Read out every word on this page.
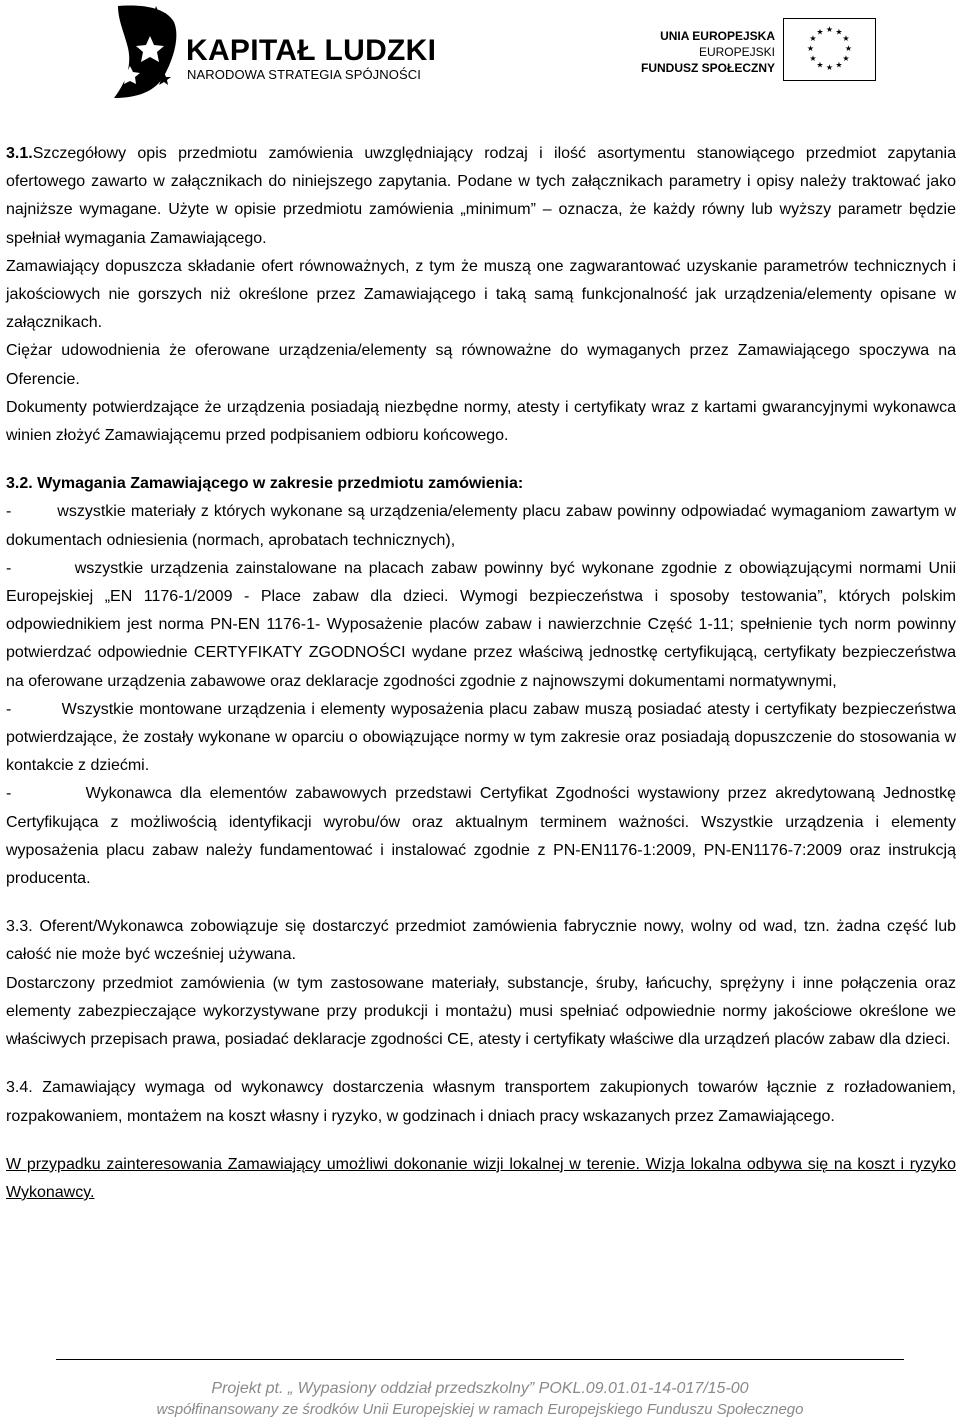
KAPITAŁ LUDZKI
NARODOWA STRATEGIA SPÓJNOŚCI
UNIA EUROPEJSKA
EUROPEJSKI
FUNDUSZ SPOŁECZNY
★ ★
★
★
★
★
★
★
★
★
★
★

3.1.Szczegółowy opis przedmiotu zamówienia uwzględniający rodzaj i ilość asortymentu stanowiącego przedmiot zapytania ofertowego zawarto w załącznikach do niniejszego zapytania. Podane w tych załącznikach parametry i opisy należy traktować jako najniższe wymagane. Użyte w opisie przedmiotu zamówienia „minimum” – oznacza, że każdy równy lub wyższy parametr będzie spełniał wymagania Zamawiającego.

Zamawiający dopuszcza składanie ofert równoważnych, z tym że muszą one zagwarantować uzyskanie parametrów technicznych i jakościowych nie gorszych niż określone przez Zamawiającego i taką samą funkcjonalność jak urządzenia/elementy opisane w załącznikach.

Ciężar udowodnienia że oferowane urządzenia/elementy są równoważne do wymaganych przez Zamawiającego spoczywa na Oferencie.

Dokumenty potwierdzające że urządzenia posiadają niezbędne normy, atesty i certyfikaty wraz z kartami gwarancyjnymi wykonawca winien złożyć Zamawiającemu przed podpisaniem odbioru końcowego.

3.2. Wymagania Zamawiającego w zakresie przedmiotu zamówienia:

-         wszystkie materiały z których wykonane są urządzenia/elementy placu zabaw powinny odpowiadać wymaganiom zawartym w dokumentach odniesienia (normach, aprobatach technicznych),

-         wszystkie urządzenia zainstalowane na placach zabaw powinny być wykonane zgodnie z obowiązującymi normami Unii Europejskiej „EN 1176-1/2009 - Place zabaw dla dzieci. Wymogi bezpieczeństwa i sposoby testowania”, których polskim odpowiednikiem jest norma PN-EN 1176-1- Wyposażenie placów zabaw i nawierzchnie Część 1-11; spełnienie tych norm powinny potwierdzać odpowiednie CERTYFIKATY ZGODNOŚCI wydane przez właściwą jednostkę certyfikującą, certyfikaty bezpieczeństwa na oferowane urządzenia zabawowe oraz deklaracje zgodności zgodnie z najnowszymi dokumentami normatywnymi,

-         Wszystkie montowane urządzenia i elementy wyposażenia placu zabaw muszą posiadać atesty i certyfikaty bezpieczeństwa potwierdzające, że zostały wykonane w oparciu o obowiązujące normy w tym zakresie oraz posiadają dopuszczenie do stosowania w kontakcie z dziećmi.

-         Wykonawca dla elementów zabawowych przedstawi Certyfikat Zgodności wystawiony przez akredytowaną Jednostkę Certyfikująca z możliwością identyfikacji wyrobu/ów oraz aktualnym terminem ważności. Wszystkie urządzenia i elementy wyposażenia placu zabaw należy fundamentować i instalować zgodnie z PN-EN1176-1:2009, PN-EN1176-7:2009 oraz instrukcją producenta.

3.3. Oferent/Wykonawca zobowiązuje się dostarczyć przedmiot zamówienia fabrycznie nowy, wolny od wad, tzn. żadna część lub całość nie może być wcześniej używana.

Dostarczony przedmiot zamówienia (w tym zastosowane materiały, substancje, śruby, łańcuchy, sprężyny i inne połączenia oraz elementy zabezpieczające wykorzystywane przy produkcji i montażu) musi spełniać odpowiednie normy jakościowe określone we właściwych przepisach prawa, posiadać deklaracje zgodności CE, atesty i certyfikaty właściwe dla urządzeń placów zabaw dla dzieci.

3.4. Zamawiający wymaga od wykonawcy dostarczenia własnym transportem zakupionych towarów łącznie z rozładowaniem, rozpakowaniem, montażem na koszt własny i ryzyko, w godzinach i dniach pracy wskazanych przez Zamawiającego.

W przypadku zainteresowania Zamawiający umożliwi dokonanie wizji lokalnej w terenie. Wizja lokalna odbywa się na koszt i ryzyko Wykonawcy.

Projekt pt. „ Wypasiony oddział przedszkolny” POKL.09.01.01-14-017/15-00
współfinansowany ze środków Unii Europejskiej w ramach Europejskiego Funduszu Społecznego
